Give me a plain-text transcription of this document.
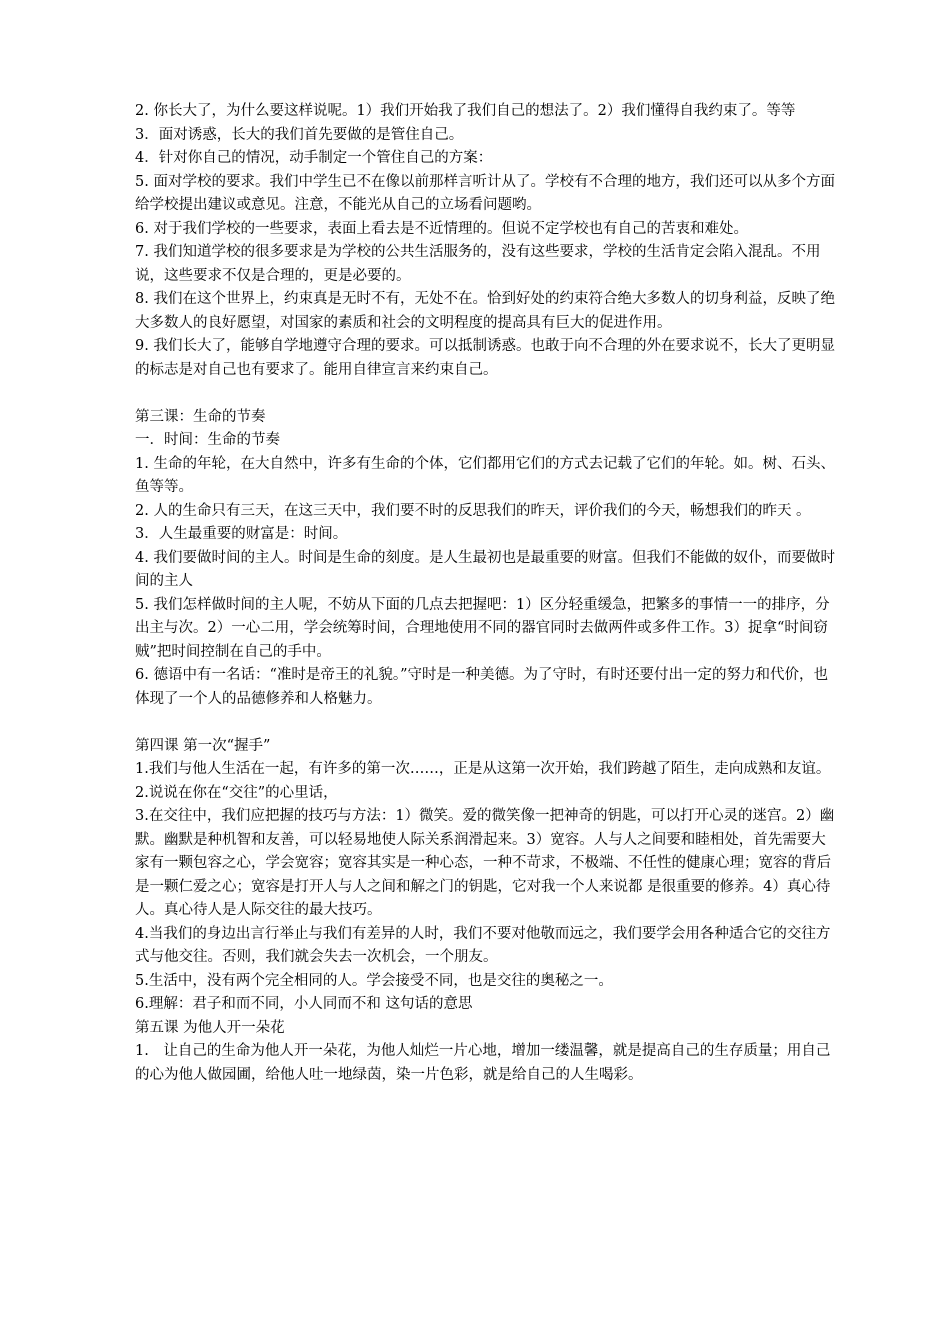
2. 你长大了，为什么要这样说呢。1）我们开始我了我们自己的想法了。2）我们懂得自我约束了。等等

3．面对诱惑，长大的我们首先要做的是管住自己。

4．针对你自己的情况，动手制定一个管住自己的方案：

5. 面对学校的要求。我们中学生已不在像以前那样言听计从了。学校有不合理的地方，我们还可以从多个方面给学校提出建议或意见。注意，不能光从自己的立场看问题哟。

6. 对于我们学校的一些要求，表面上看去是不近情理的。但说不定学校也有自己的苦衷和难处。

7. 我们知道学校的很多要求是为学校的公共生活服务的，没有这些要求，学校的生活肯定会陷入混乱。不用说，这些要求不仅是合理的，更是必要的。

8. 我们在这个世界上，约束真是无时不有，无处不在。恰到好处的约束符合绝大多数人的切身利益，反映了绝大多数人的良好愿望，对国家的素质和社会的文明程度的提高具有巨大的促进作用。

9. 我们长大了，能够自学地遵守合理的要求。可以抵制诱惑。也敢于向不合理的外在要求说不，长大了更明显的标志是对自己也有要求了。能用自律宣言来约束自己。

第三课：生命的节奏

一．时间：生命的节奏

1. 生命的年轮，在大自然中，许多有生命的个体，它们都用它们的方式去记载了它们的年轮。如。树、石头、鱼等等。

2. 人的生命只有三天，在这三天中，我们要不时的反思我们的昨天，评价我们的今天，畅想我们的昨天 。

3．人生最重要的财富是：时间。

4. 我们要做时间的主人。时间是生命的刻度。是人生最初也是最重要的财富。但我们不能做的奴仆，而要做时间的主人

5. 我们怎样做时间的主人呢，不妨从下面的几点去把握吧：1）区分轻重缓急，把繁多的事情一一的排序，分出主与次。2）一心二用，学会统筹时间，合理地使用不同的器官同时去做两件或多件工作。3）捉拿“时间窃贼”把时间控制在自己的手中。

6. 德语中有一名话：“准时是帝王的礼貌。”守时是一种美德。为了守时，有时还要付出一定的努力和代价，也体现了一个人的品德修养和人格魅力。

第四课 第一次“握手”

1.我们与他人生活在一起，有许多的第一次……，正是从这第一次开始，我们跨越了陌生，走向成熟和友谊。

2.说说在你在“交往”的心里话，

3.在交往中，我们应把握的技巧与方法：1）微笑。爱的微笑像一把神奇的钥匙，可以打开心灵的迷宫。2）幽默。幽默是种机智和友善，可以轻易地使人际关系润滑起来。3）宽容。人与人之间要和睦相处，首先需要大家有一颗包容之心，学会宽容；宽容其实是一种心态，一种不苛求，不极端、不任性的健康心理；宽容的背后是一颗仁爱之心；宽容是打开人与人之间和解之门的钥匙，它对我一个人来说都 是很重要的修养。4）真心待人。真心待人是人际交往的最大技巧。

4.当我们的身边出言行举止与我们有差异的人时，我们不要对他敬而远之，我们要学会用各种适合它的交往方式与他交往。否则，我们就会失去一次机会，一个朋友。

5.生活中，没有两个完全相同的人。学会接受不同，也是交往的奥秘之一。

6.理解：君子和而不同，小人同而不和 这句话的意思

第五课 为他人开一朵花

1.　让自己的生命为他人开一朵花，为他人灿烂一片心地，增加一缕温馨，就是提高自己的生存质量；用自己的心为他人做园圃，给他人吐一地绿茵，染一片色彩，就是给自己的人生喝彩。
